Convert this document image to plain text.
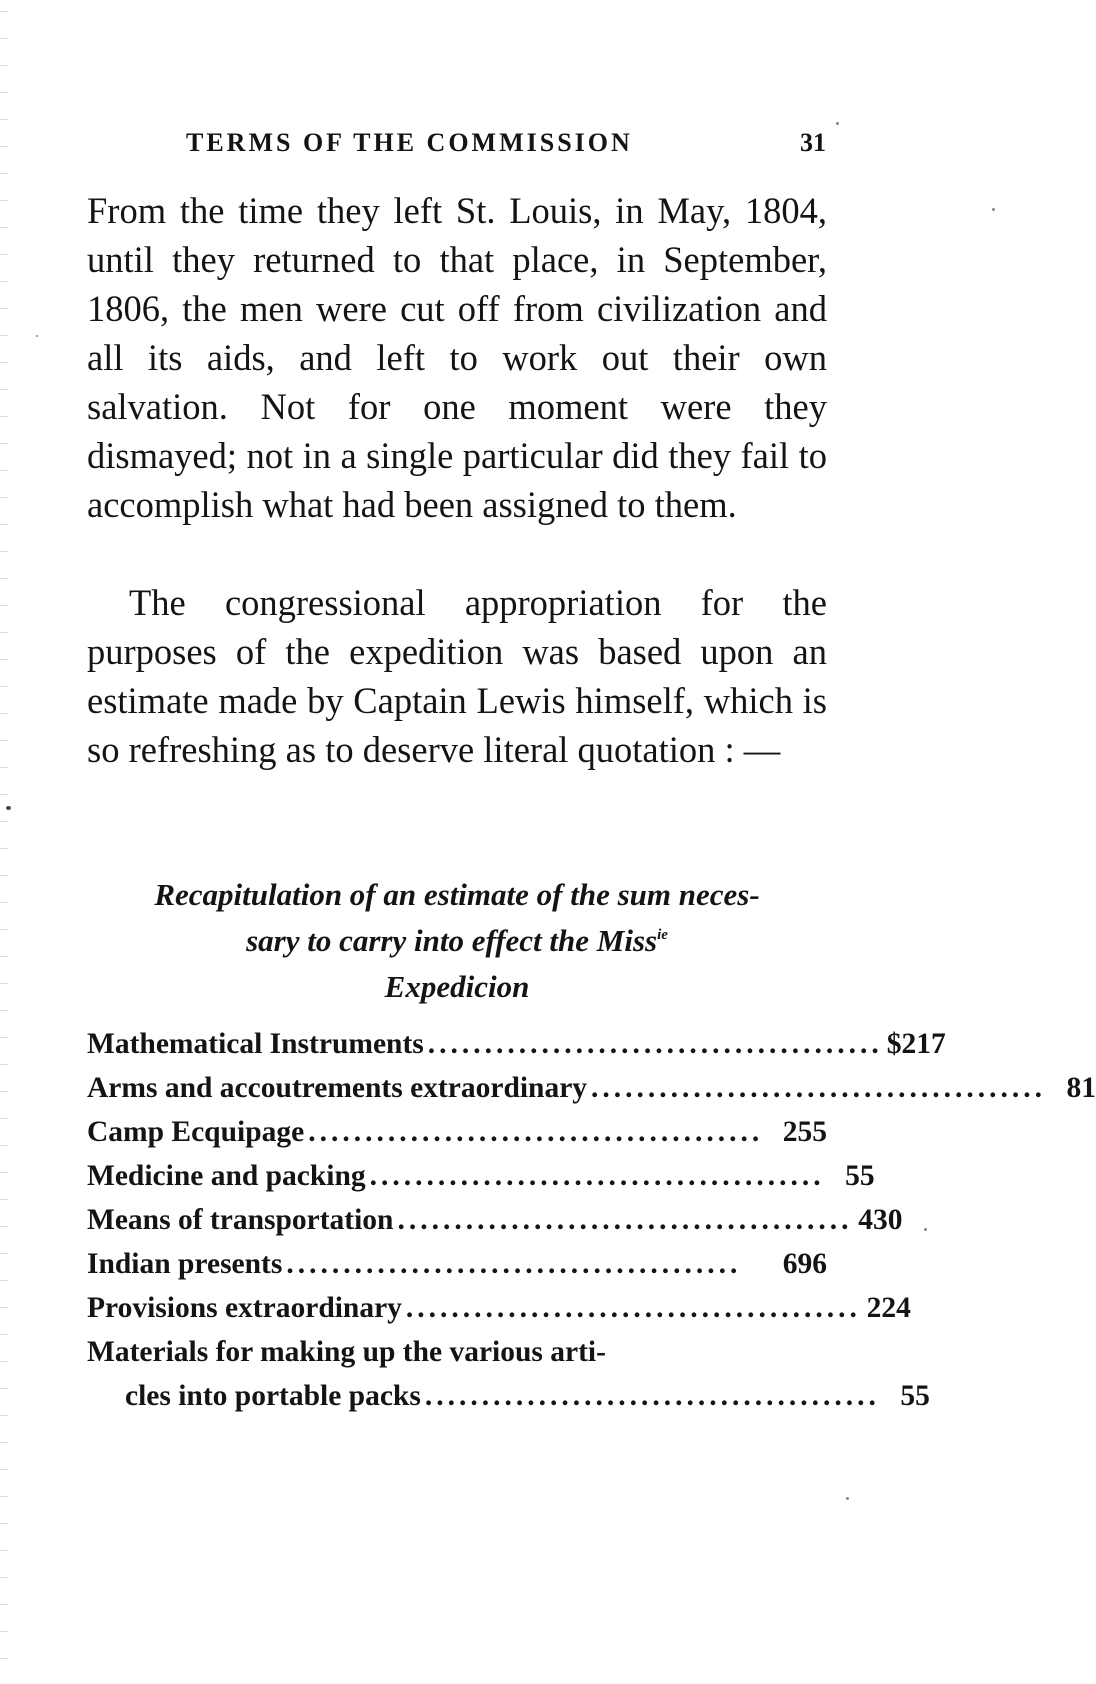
TERMS OF THE COMMISSION	31

From the time they left St. Louis, in May, 1804, until they returned to that place, in September, 1806, the men were cut off from civilization and all its aids, and left to work out their own salvation. Not for one moment were they dismayed; not in a single particular did they fail to accomplish what had been assigned to them.

The congressional appropriation for the purposes of the expedition was based upon an estimate made by Captain Lewis himself, which is so refreshing as to deserve literal quotation : —

Recapitulation of an estimate of the sum neces-
sary to carry into effect the Miss$^{ie}$
Expedicion
Mathematical Instruments ........................................ $217
Arms and accoutrements extraordinary ........................................ 81
Camp Ecquipage ........................................ 255
Medicine and packing ........................................ 55
Means of transportation ........................................ 430
Indian presents ........................................	696
Provisions extraordinary ........................................ 224
Materials for making up the various arti-
cles into portable packs ........................................ 55
